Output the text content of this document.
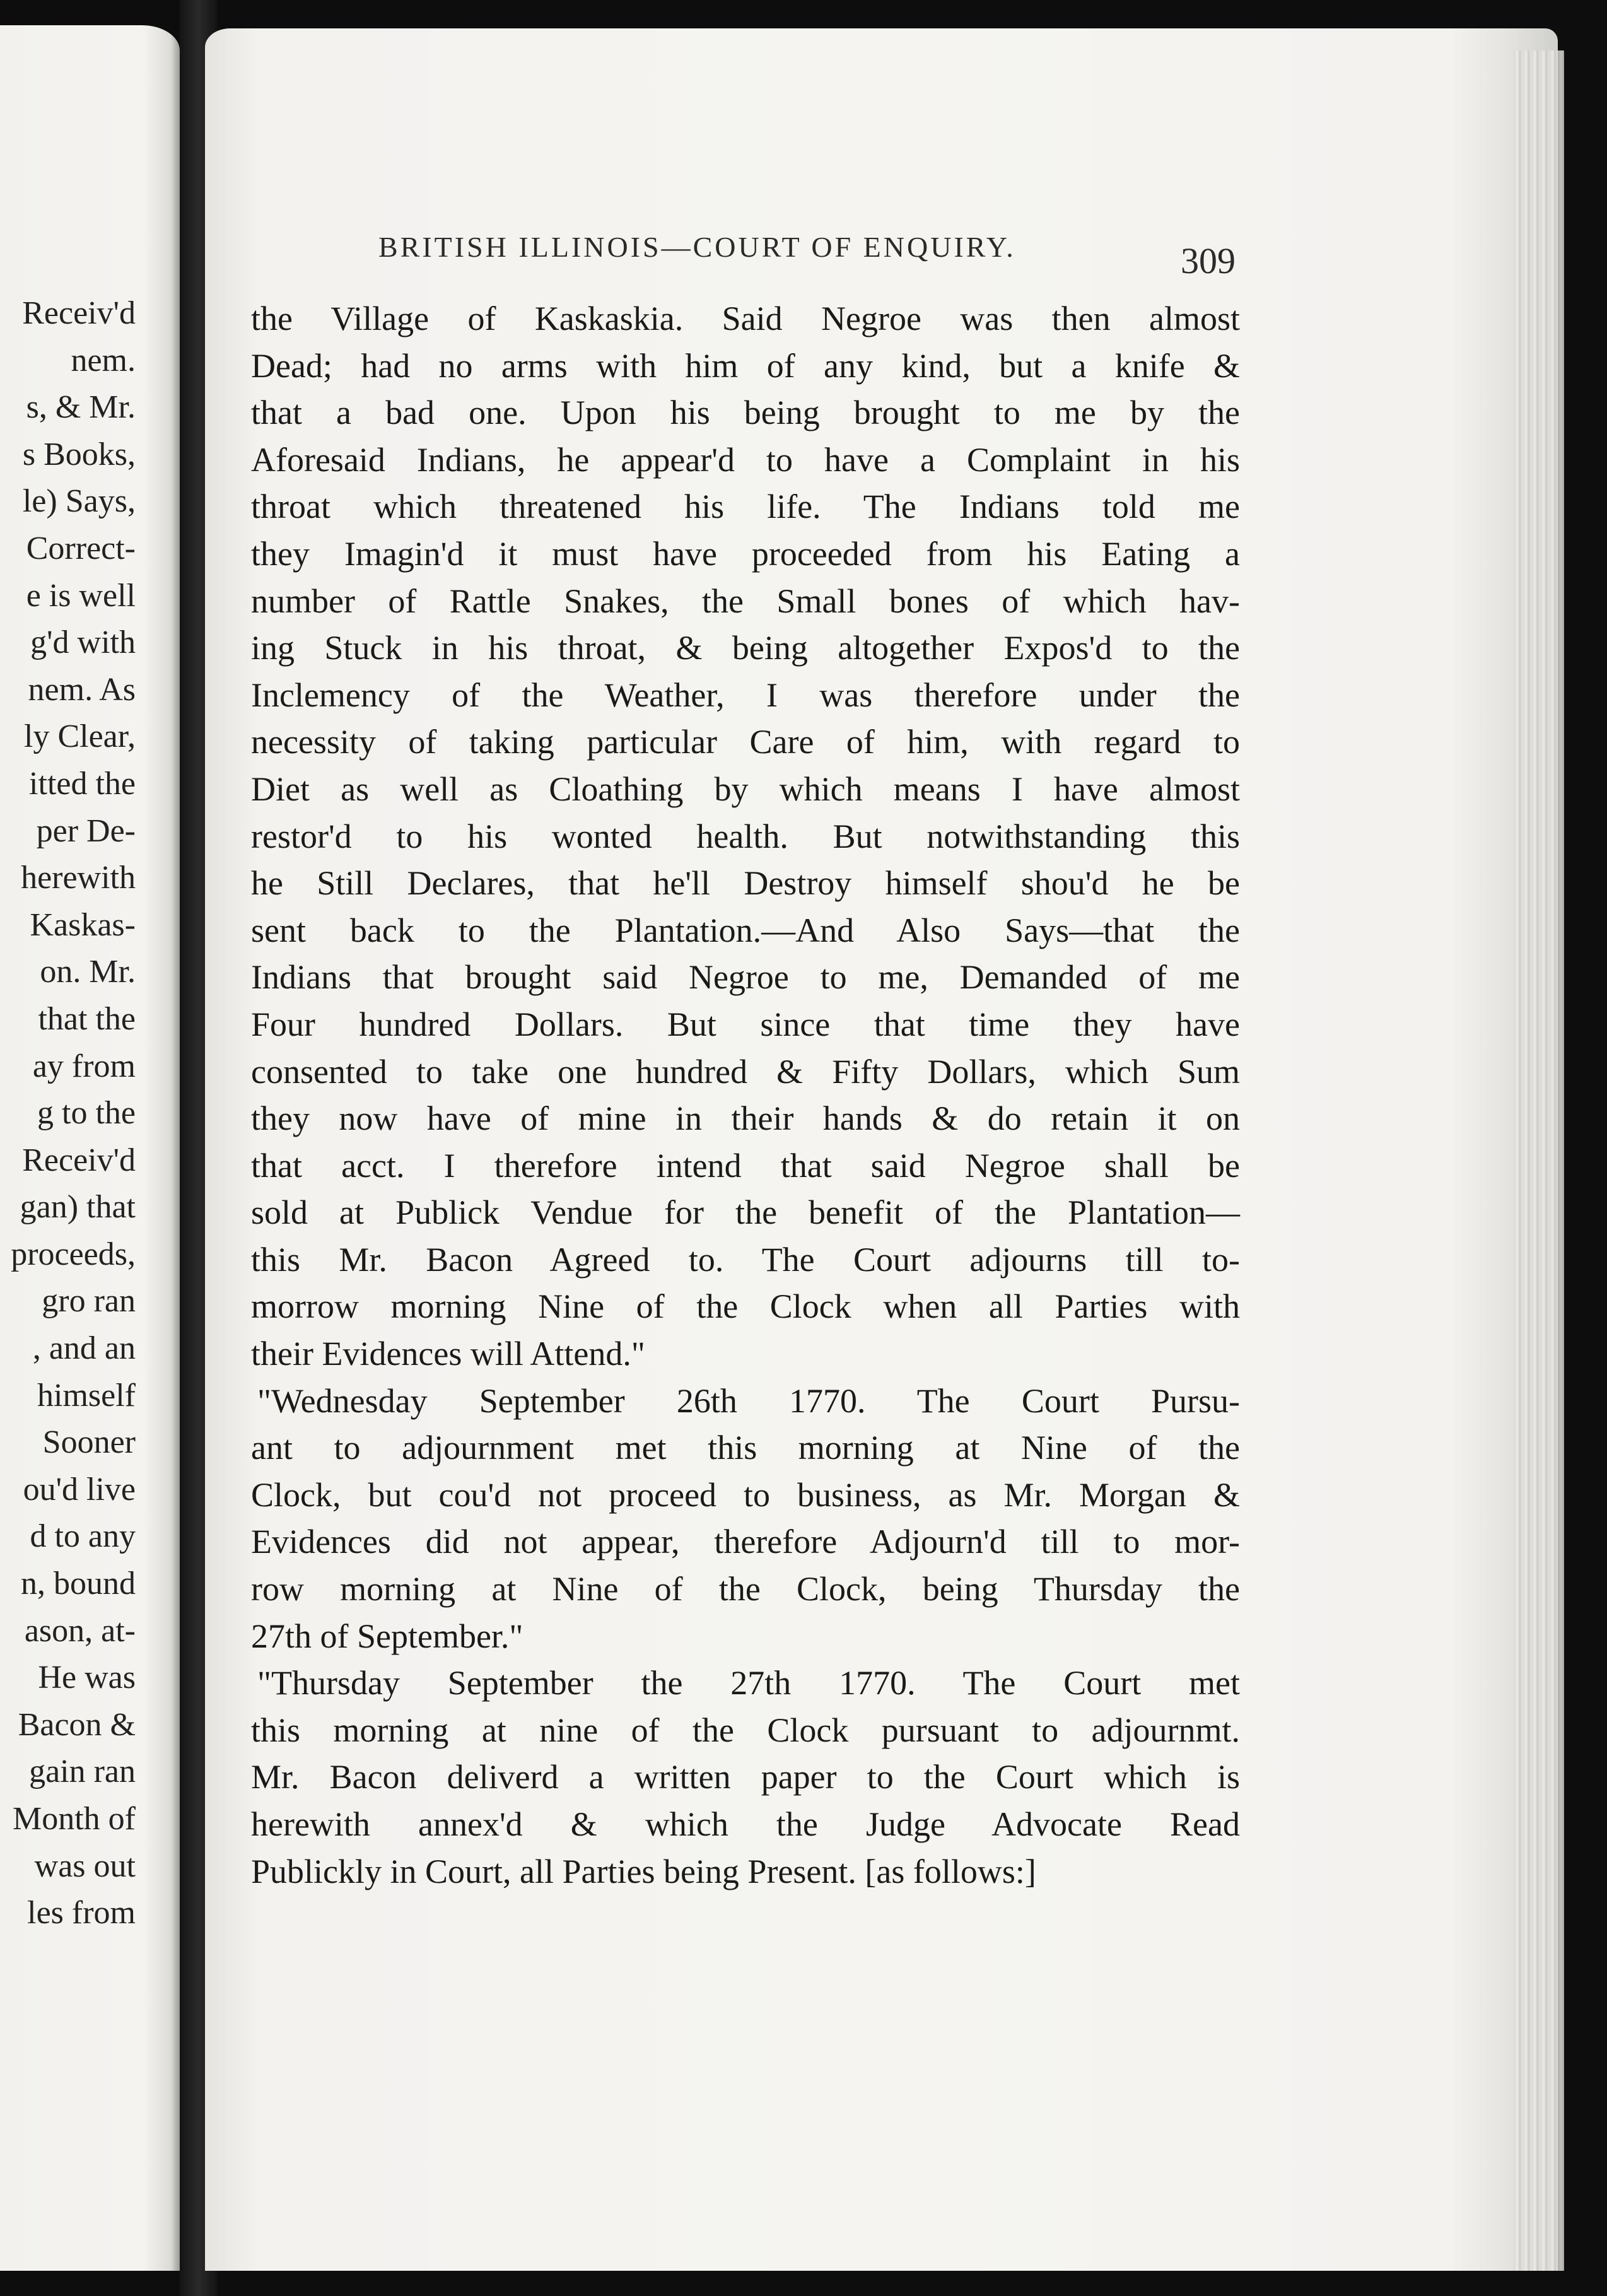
Receiv'd
nem.
s, & Mr.
s Books,
le) Says,
Correct-
e is well
g'd with
nem. As
ly Clear,
itted the
per De-
herewith
Kaskas-
on. Mr.
that the
ay from
g to the
Receiv'd
gan) that
proceeds,
gro ran
, and an
himself
Sooner
ou'd live
d to any
n, bound
ason, at-
He was
Bacon &
gain ran
Month of
was out
les from
BRITISH ILLINOIS—COURT OF ENQUIRY.	309
the Village of Kaskaskia. Said Negroe was then almost
Dead; had no arms with him of any kind, but a knife &
that a bad one. Upon his being brought to me by the
Aforesaid Indians, he appear'd to have a Complaint in his
throat which threatened his life. The Indians told me
they Imagin'd it must have proceeded from his Eating a
number of Rattle Snakes, the Small bones of which hav-
ing Stuck in his throat, & being altogether Expos'd to the
Inclemency of the Weather, I was therefore under the
necessity of taking particular Care of him, with regard to
Diet as well as Cloathing by which means I have almost
restor'd to his wonted health. But notwithstanding this
he Still Declares, that he'll Destroy himself shou'd he be
sent back to the Plantation.—And Also Says—that the
Indians that brought said Negroe to me, Demanded of me
Four hundred Dollars. But since that time they have
consented to take one hundred & Fifty Dollars, which Sum
they now have of mine in their hands & do retain it on
that acct. I therefore intend that said Negroe shall be
sold at Publick Vendue for the benefit of the Plantation—
this Mr. Bacon Agreed to. The Court adjourns till to-
morrow morning Nine of the Clock when all Parties with
their Evidences will Attend."
"Wednesday September 26th 1770. The Court Pursu-
ant to adjournment met this morning at Nine of the
Clock, but cou'd not proceed to business, as Mr. Morgan &
Evidences did not appear, therefore Adjourn'd till to mor-
row morning at Nine of the Clock, being Thursday the
27th of September."
"Thursday September the 27th 1770. The Court met
this morning at nine of the Clock pursuant to adjournmt.
Mr. Bacon deliverd a written paper to the Court which is
herewith annex'd & which the Judge Advocate Read
Publickly in Court, all Parties being Present. [as follows:]
